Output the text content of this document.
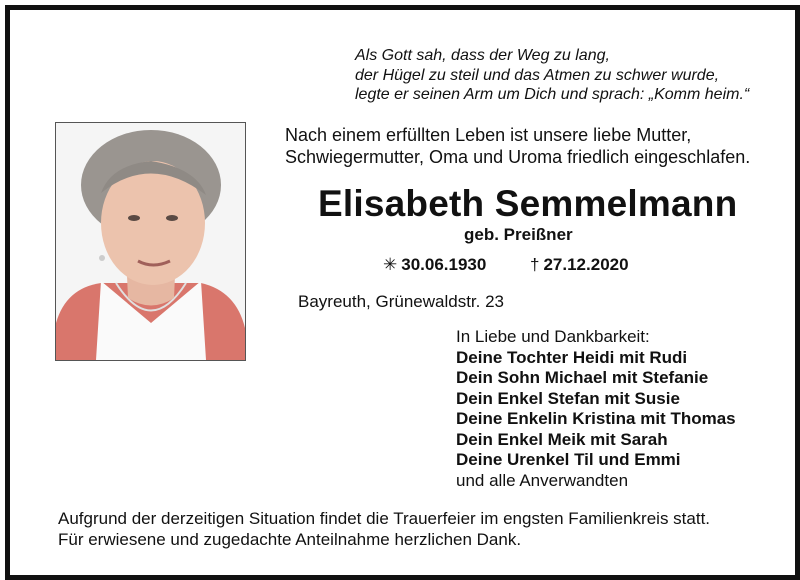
Als Gott sah, dass der Weg zu lang,
der Hügel zu steil und das Atmen zu schwer wurde,
legte er seinen Arm um Dich und sprach: „Komm heim.“
Nach einem erfüllten Leben ist unsere liebe Mutter,
Schwiegermutter, Oma und Uroma friedlich eingeschlafen.
Elisabeth Semmelmann
geb. Preißner
✳ 30.06.1930	† 27.12.2020
Bayreuth, Grünewaldstr. 23
In Liebe und Dankbarkeit:
Deine Tochter Heidi mit Rudi
Dein Sohn Michael mit Stefanie
Dein Enkel Stefan mit Susie
Deine Enkelin Kristina mit Thomas
Dein Enkel Meik mit Sarah
Deine Urenkel Til und Emmi
und alle Anverwandten
Aufgrund der derzeitigen Situation findet die Trauerfeier im engsten Familienkreis statt.
Für erwiesene und zugedachte Anteilnahme herzlichen Dank.
